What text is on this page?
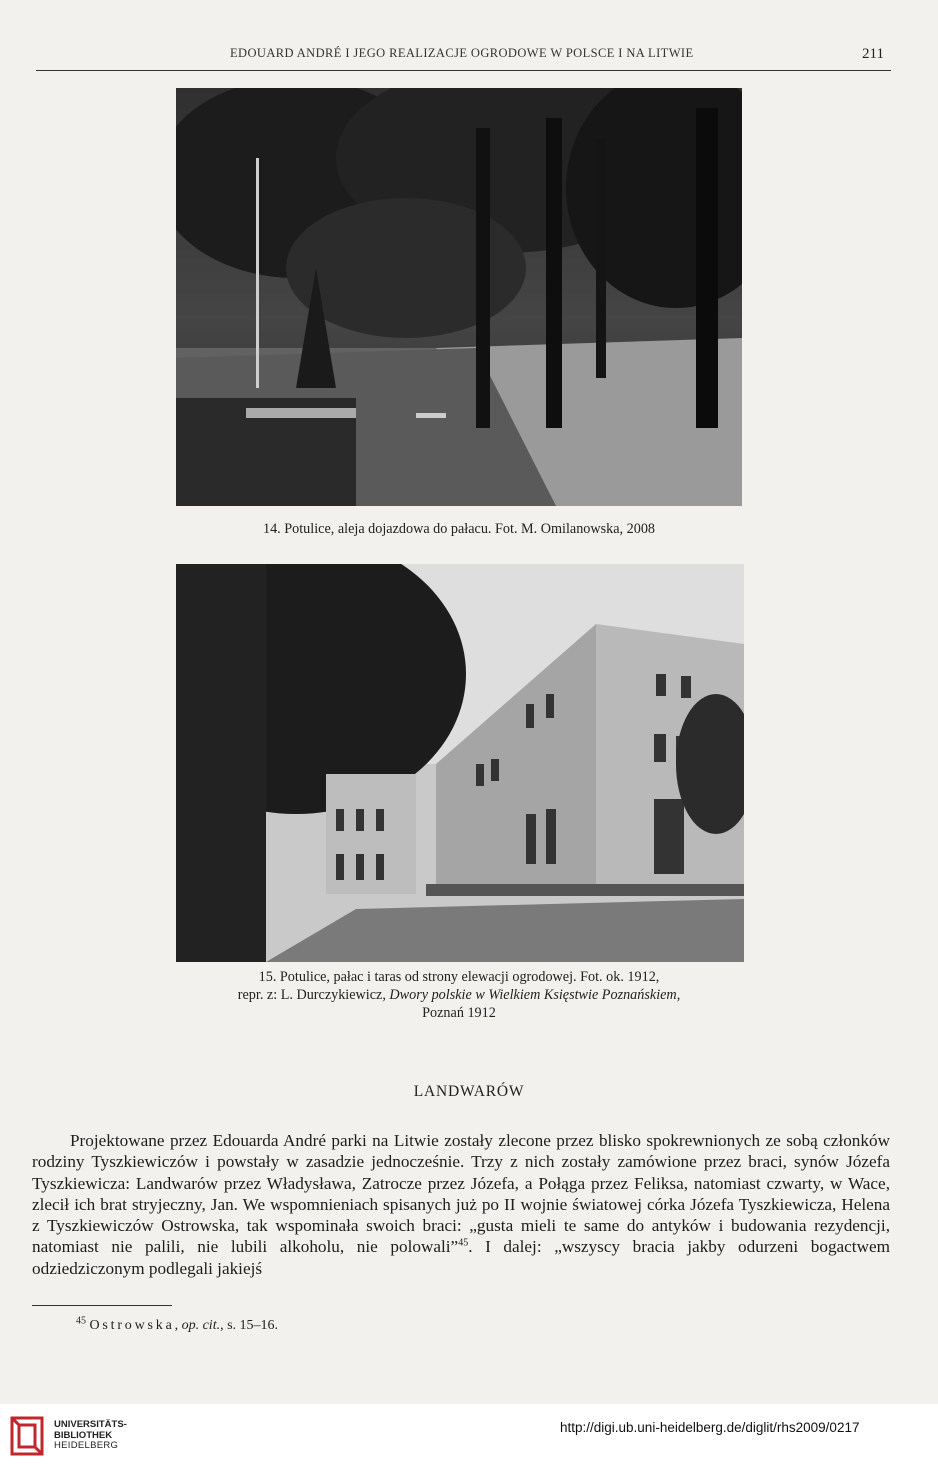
EDOUARD ANDRÉ I JEGO REALIZACJE OGRODOWE W POLSCE I NA LITWIE	211
14. Potulice, aleja dojazdowa do pałacu. Fot. M. Omilanowska, 2008
15. Potulice, pałac i taras od strony elewacji ogrodowej. Fot. ok. 1912,
repr. z: L. Durczykiewicz, Dwory polskie w Wielkiem Księstwie Poznańskiem,
Poznań 1912
LANDWARÓW

Projektowane przez Edouarda André parki na Litwie zostały zlecone przez blisko spokrewnionych ze sobą członków rodziny Tyszkiewiczów i powstały w zasadzie jednocześnie. Trzy z nich zostały zamówione przez braci, synów Józefa Tyszkiewicza: Landwarów przez Władysława, Zatrocze przez Józefa, a Połąga przez Feliksa, natomiast czwarty, w Wace, zlecił ich brat stryjeczny, Jan. We wspomnieniach spisanych już po II wojnie światowej córka Józefa Tyszkiewicza, Helena z Tyszkiewiczów Ostrowska, tak wspominała swoich braci: „gusta mieli te same do antyków i budowania rezydencji, natomiast nie palili, nie lubili alkoholu, nie polowali”$^{45}$. I dalej: „wszyscy bracia jakby odurzeni bogactwem odziedziczonym podlegali jakiejś

$^{45}$ Ostrowska, op. cit., s. 15–16.
UNIVERSITÄTS-
BIBLIOTHEK
HEIDELBERG
http://digi.ub.uni-heidelberg.de/diglit/rhs2009/0217
